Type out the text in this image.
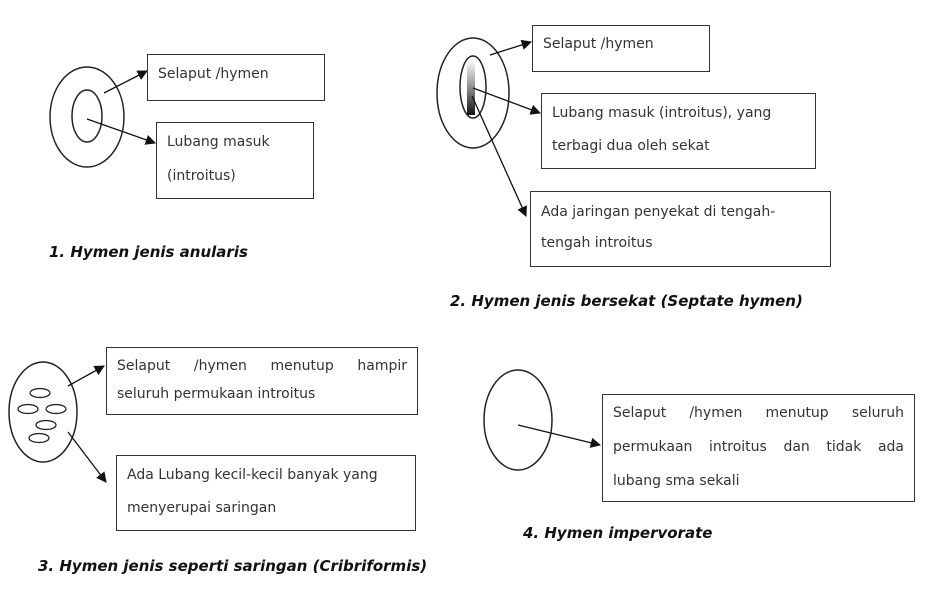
Selaput /hymen
Lubang masuk
(introitus)
1. Hymen jenis anularis
Selaput /hymen
Lubang masuk (introitus), yang
terbagi dua oleh sekat
Ada jaringan penyekat di tengah-
tengah introitus
2. Hymen jenis bersekat (Septate hymen)
Selaput /hymen menutup hampir
seluruh permukaan introitus
Ada Lubang kecil-kecil banyak yang
menyerupai saringan
3. Hymen jenis seperti saringan (Cribriformis)
Selaput /hymen menutup seluruh
permukaan introitus dan tidak ada
lubang sma sekali
4. Hymen impervorate
